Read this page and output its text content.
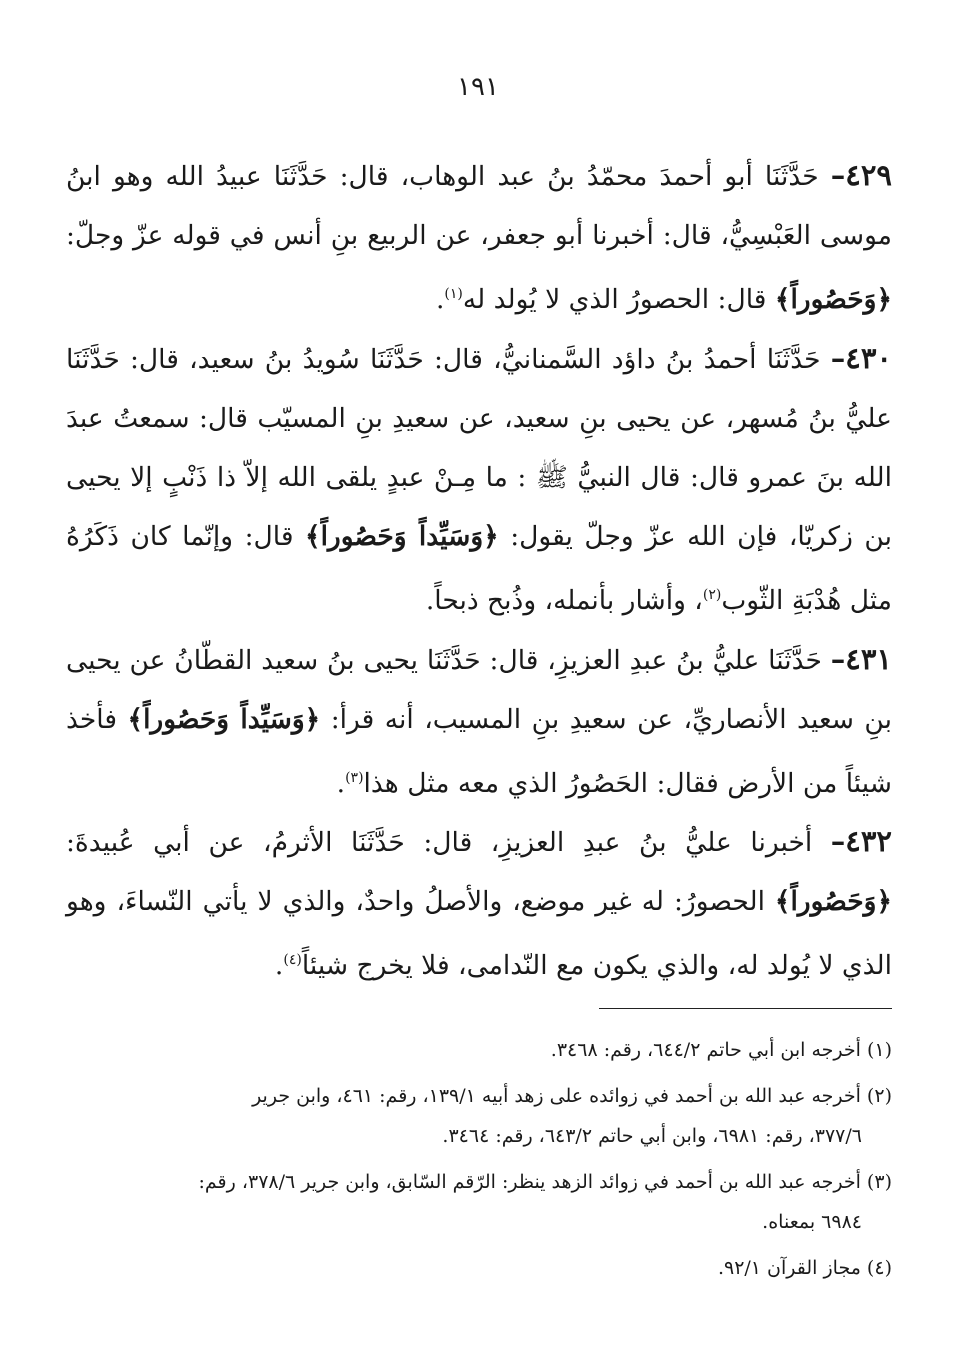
١٩١

٤٢٩– حَدَّثَنَا أبو أحمدَ محمّدُ بنُ عبد الوهاب، قال: حَدَّثَنَا عبيدُ الله وهو ابنُ موسى العَبْسِيُّ، قال: أخبرنا أبو جعفر، عن الربيع بنِ أنس في قوله عزّ وجلّ: ﴿وَحَصُوراً﴾ قال: الحصورُ الذي لا يُولد له$^{(١)}$.

٤٣٠– حَدَّثَنَا أحمدُ بنُ داؤد السَّمنانيُّ، قال: حَدَّثَنَا سُويدُ بنُ سعيد، قال: حَدَّثَنَا عليُّ بنُ مُسهر، عن يحيى بنِ سعيد، عن سعيدِ بنِ المسيّب قال: سمعتُ عبدَ الله بنَ عمرو قال: قال النبيُّ ﷺ : ما مِـنْ عبدٍ يلقى الله إلاّ ذا ذَنْبٍ إلا يحيى بن زكريّا، فإن الله عزّ وجلّ يقول: ﴿وَسَيِّداً وَحَصُوراً﴾ قال: وإنّما كان ذَكَرُهُ مثل هُدْبَةِ الثّوب$^{(٢)}$، وأشار بأنمله، وذُبح ذبحاً.

٤٣١– حَدَّثَنَا عليُّ بنُ عبدِ العزيزِ، قال: حَدَّثَنَا يحيى بنُ سعيد القطّانُ عن يحيى بنِ سعيد الأنصاريِّ، عن سعيدِ بنِ المسيب، أنه قرأ: ﴿وَسَيِّداً وَحَصُوراً﴾ فأخذ شيئاً من الأرض فقال: الحَصُورُ الذي معه مثل هذا$^{(٣)}$.

٤٣٢– أخبرنا عليُّ بنُ عبدِ العزيزِ، قال: حَدَّثَنَا الأثرمُ، عن أبي عُبيدةَ: ﴿وَحَصُوراً﴾ الحصورُ: له غير موضع، والأصلُ واحدٌ، والذي لا يأتي النّساءَ، وهو الذي لا يُولد له، والذي يكون مع النّدامى، فلا يخرج شيئاً$^{(٤)}$.

(١) أخرجه ابن أبي حاتم ٦٤٤/٢، رقم: ٣٤٦٨.

(٢) أخرجه عبد الله بن أحمد في زوائده على زهد أبيه ١٣٩/١، رقم: ٤٦١، وابن جرير
٣٧٧/٦، رقم: ٦٩٨١، وابن أبي حاتم ٦٤٣/٢، رقم: ٣٤٦٤.

(٣) أخرجه عبد الله بن أحمد في زوائد الزهد ينظر: الرّقم السّابق، وابن جرير ٣٧٨/٦، رقم:
٦٩٨٤ بمعناه.

(٤) مجاز القرآن ٩٢/١.
